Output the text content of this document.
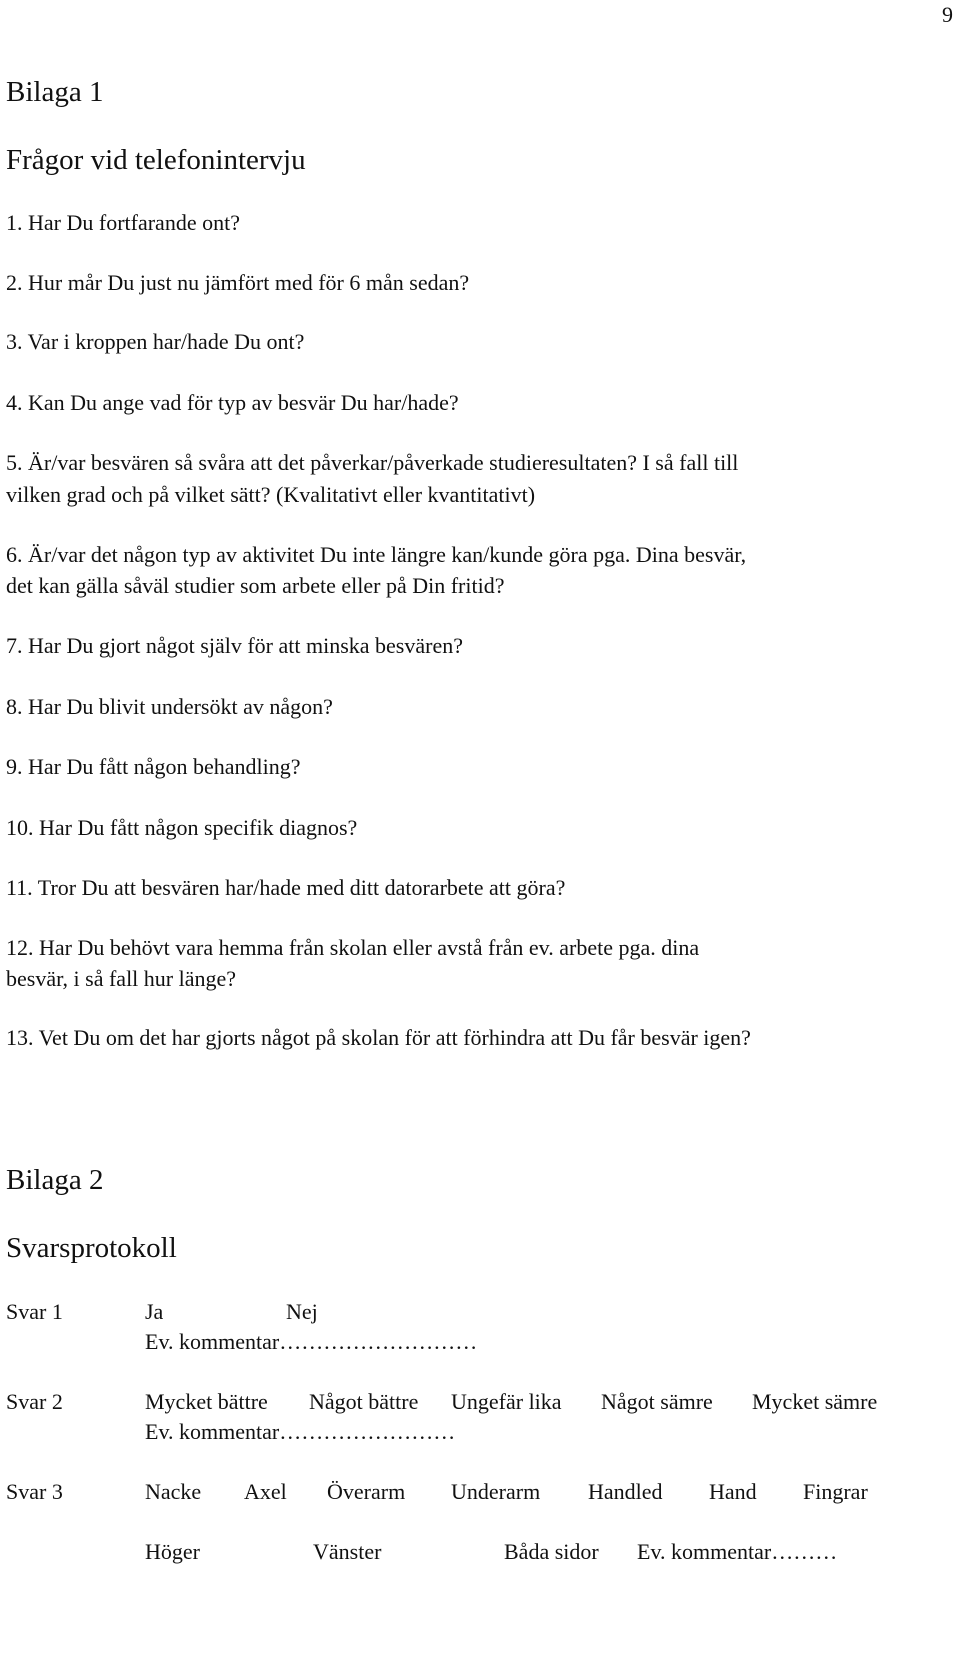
9
Bilaga 1
Frågor vid telefonintervju
1. Har Du fortfarande ont?
2. Hur mår Du just nu jämfört med för 6 mån sedan?
3. Var i kroppen har/hade Du ont?
4. Kan Du ange vad för typ av besvär Du har/hade?
5. Är/var besvären så svåra att det påverkar/påverkade studieresultaten? I så fall till
vilken grad och på vilket sätt? (Kvalitativt eller kvantitativt)
6. Är/var det någon typ av aktivitet Du inte längre kan/kunde göra pga. Dina besvär,
det kan gälla såväl studier som arbete eller på Din fritid?
7. Har Du gjort något själv för att minska besvären?
8. Har Du blivit undersökt av någon?
9. Har Du fått någon behandling?
10. Har Du fått någon specifik diagnos?
11. Tror Du att besvären har/hade med ditt datorarbete att göra?
12. Har Du behövt vara hemma från skolan eller avstå från ev. arbete pga. dina
besvär, i så fall hur länge?
13. Vet Du om det har gjorts något på skolan för att förhindra att Du får besvär igen?
Bilaga 2
Svarsprotokoll
Svar 1	Ja	Nej
Ev. kommentar………………………
Svar 2	Mycket bättre Något bättre Ungefär lika Något sämre Mycket sämre
Ev. kommentar……………………
Svar 3	Nacke Axel Överarm Underarm Handled Hand Fingrar
Höger	Vänster	Båda sidor Ev. kommentar………
